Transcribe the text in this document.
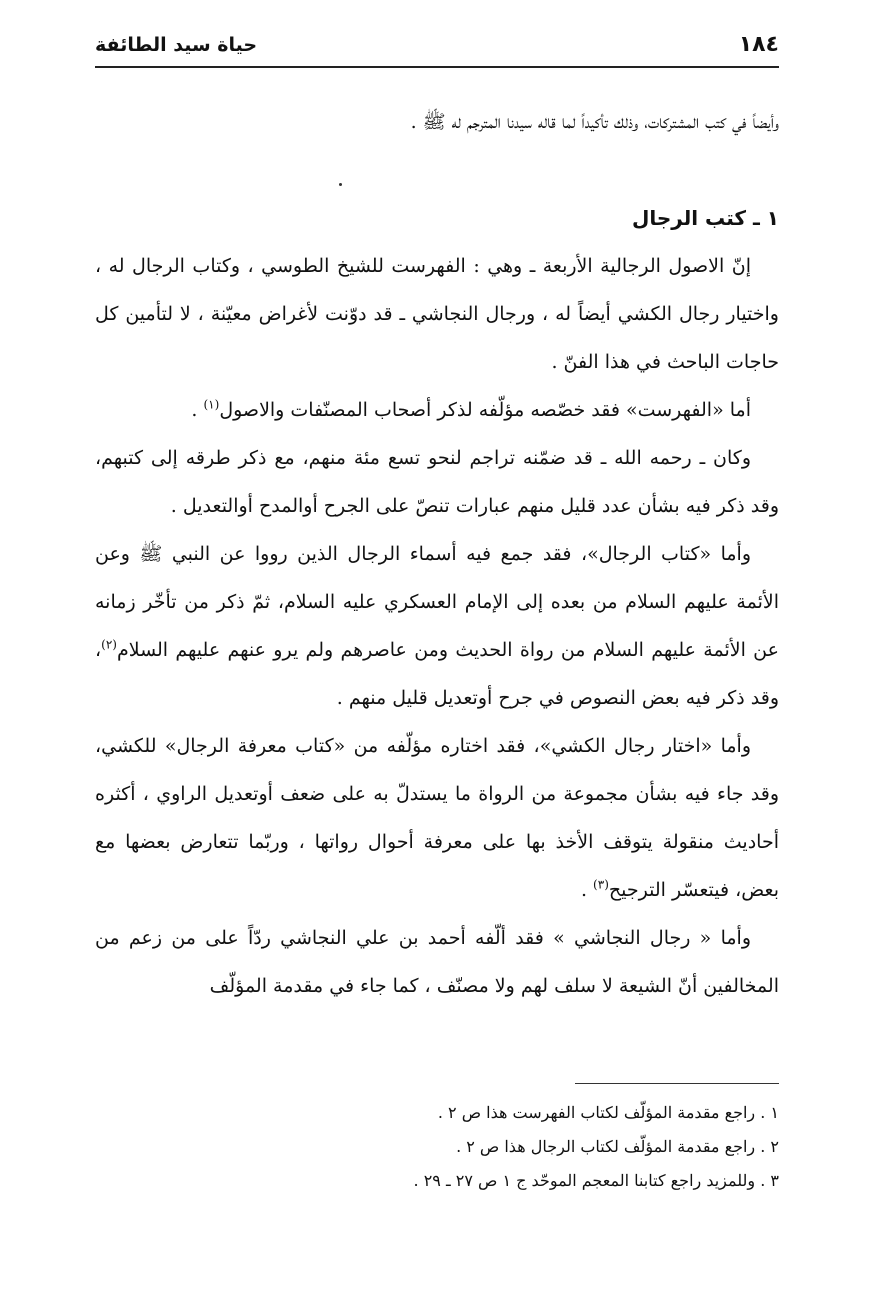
١٨٤
حياة سيد الطائفة
وأيضاً في كتب المشتركات، وذلك تأكيداً لما قاله سيدنا المترجم له ﷺ .
١ ـ كتب الرجال

إنّ الاصول الرجالية الأربعة ـ وهي : الفهرست للشيخ الطوسي ، وكتاب الرجال له ، واختيار رجال الكشي أيضاً له ، ورجال النجاشي ـ قد دوّنت لأغراض معيّنة ، لا لتأمين كل حاجات الباحث في هذا الفنّ .

أما «الفهرست» فقد خصّصه مؤلّفه لذكر أصحاب المصنّفات والاصول$^{(١)}$ .

وكان ـ رحمه الله ـ قد ضمّنه تراجم لنحو تسع مئة منهم، مع ذكر طرقه إلى كتبهم، وقد ذكر فيه بشأن عدد قليل منهم عبارات تنصّ على الجرح أوالمدح أوالتعديل .

وأما «كتاب الرجال»، فقد جمع فيه أسماء الرجال الذين رووا عن النبي ﷺ وعن الأئمة عليهم السلام من بعده إلى الإمام العسكري عليه السلام، ثمّ ذكر من تأخّر زمانه عن الأئمة عليهم السلام من رواة الحديث ومن عاصرهم ولم يرو عنهم عليهم السلام$^{(٢)}$، وقد ذكر فيه بعض النصوص في جرح أوتعديل قليل منهم .

وأما «اختار رجال الكشي»، فقد اختاره مؤلّفه من «كتاب معرفة الرجال» للكشي، وقد جاء فيه بشأن مجموعة من الرواة ما يستدلّ به على ضعف أوتعديل الراوي ، أكثره أحاديث منقولة يتوقف الأخذ بها على معرفة أحوال رواتها ، وربّما تتعارض بعضها مع بعض، فيتعسّر الترجيح$^{(٣)}$ .

وأما « رجال النجاشي » فقد ألّفه أحمد بن علي النجاشي ردّاً على من زعم من المخالفين أنّ الشيعة لا سلف لهم ولا مصنّف ، كما جاء في مقدمة المؤلّف

١ . راجع مقدمة المؤلّف لكتاب الفهرست هذا ص ٢ .
٢ . راجع مقدمة المؤلّف لكتاب الرجال هذا ص ٢ .
٣ . وللمزيد راجع كتابنا المعجم الموحّد ج ١ ص ٢٧ ـ ٢٩ .
